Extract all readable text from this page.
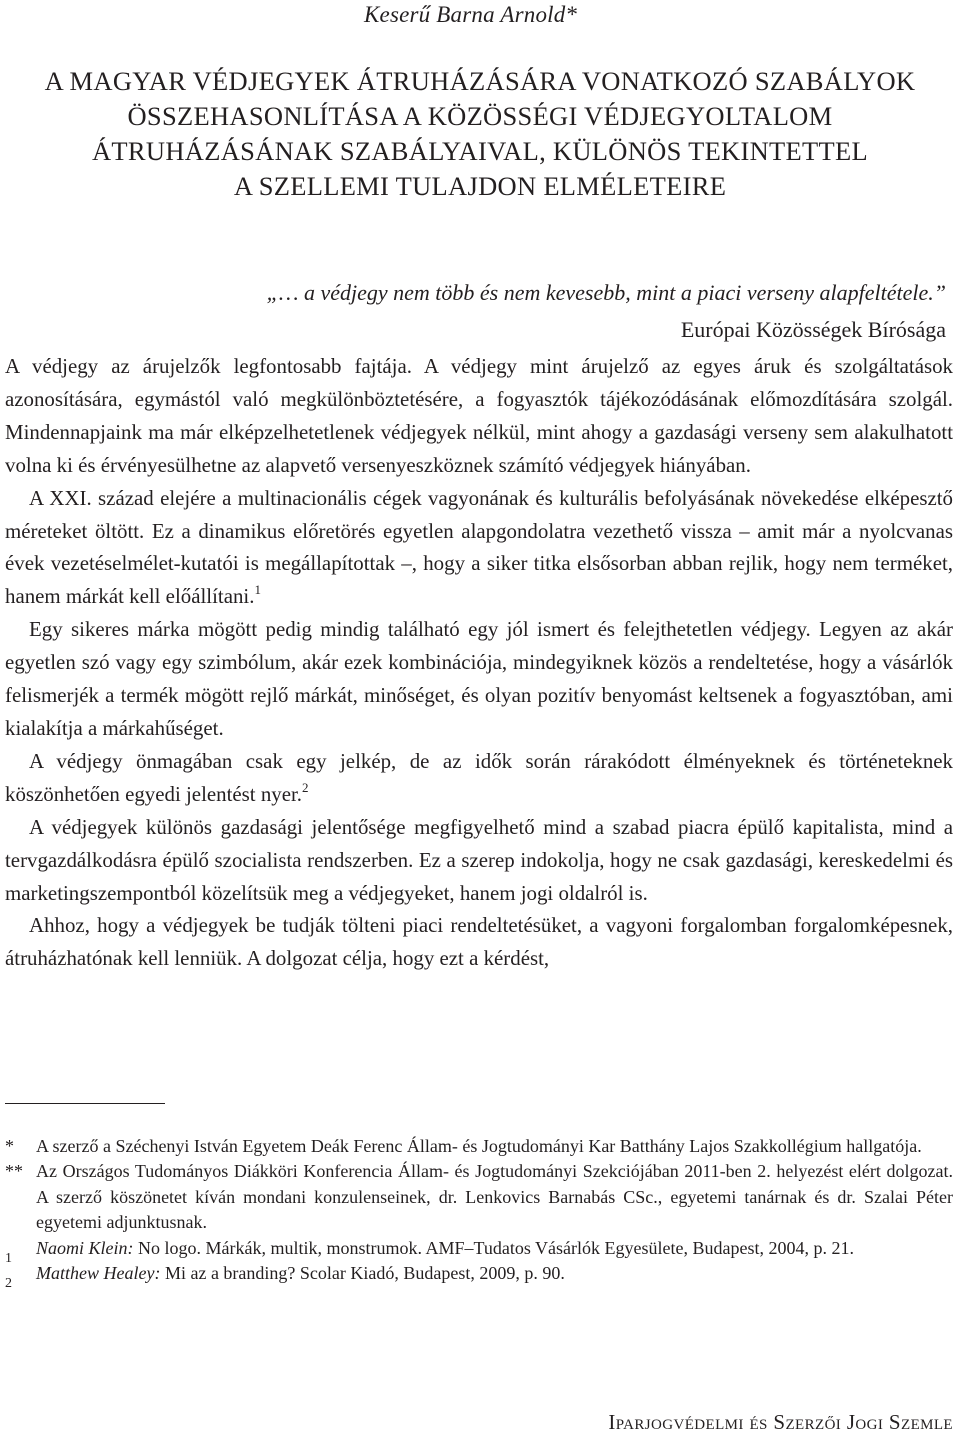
Keserű Barna Arnold*
A MAGYAR VÉDJEGYEK ÁTRUHÁZÁSÁRA VONATKOZÓ SZABÁLYOK
ÖSSZEHASONLÍTÁSA A KÖZÖSSÉGI VÉDJEGYOLTALOM
ÁTRUHÁZÁSÁNAK SZABÁLYAIVAL, KÜLÖNÖS TEKINTETTEL
A SZELLEMI TULAJDON ELMÉLETEIRE
„… a védjegy nem több és nem kevesebb, mint a piaci verseny alapfeltétele.”
Európai Közösségek Bírósága

A védjegy az árujelzők legfontosabb fajtája. A védjegy mint árujelző az egyes áruk és szolgáltatások azonosítására, egymástól való megkülönböztetésére, a fogyasztók tájékozódásának előmozdítására szolgál. Mindennapjaink ma már elképzelhetetlenek védjegyek nélkül, mint ahogy a gazdasági verseny sem alakulhatott volna ki és érvényesülhetne az alapvető versenyeszköznek számító védjegyek hiányában.

A XXI. század elejére a multinacionális cégek vagyonának és kulturális befolyásának növekedése elképesztő méreteket öltött. Ez a dinamikus előretörés egyetlen alapgondolatra vezethető vissza – amit már a nyolcvanas évek vezetéselmélet-kutatói is megállapítottak –, hogy a siker titka elsősorban abban rejlik, hogy nem terméket, hanem márkát kell előállítani.$^1$

Egy sikeres márka mögött pedig mindig található egy jól ismert és felejthetetlen védjegy. Legyen az akár egyetlen szó vagy egy szimbólum, akár ezek kombinációja, mindegyiknek közös a rendeltetése, hogy a vásárlók felismerjék a termék mögött rejlő márkát, minőséget, és olyan pozitív benyomást keltsenek a fogyasztóban, ami kialakítja a márkahűséget.

A védjegy önmagában csak egy jelkép, de az idők során rárakódott élményeknek és történeteknek köszönhetően egyedi jelentést nyer.$^2$

A védjegyek különös gazdasági jelentősége megfigyelhető mind a szabad piacra épülő kapitalista, mind a tervgazdálkodásra épülő szocialista rendszerben. Ez a szerep indokolja, hogy ne csak gazdasági, kereskedelmi és marketingszempontból közelítsük meg a védjegyeket, hanem jogi oldalról is.

Ahhoz, hogy a védjegyek be tudják tölteni piaci rendeltetésüket, a vagyoni forgalomban forgalomképesnek, átruházhatónak kell lenniük. A dolgozat célja, hogy ezt a kérdést,

* A szerző a Széchenyi István Egyetem Deák Ferenc Állam- és Jogtudományi Kar Batthány Lajos Szakkollégium hallgatója.
** Az Országos Tudományos Diákköri Konferencia Állam- és Jogtudományi Szekciójában 2011-ben 2. helyezést elért dolgozat. A szerző köszönetet kíván mondani konzulenseinek, dr. Lenkovics Barnabás CSc., egyetemi tanárnak és dr. Szalai Péter egyetemi adjunktusnak.
1
Naomi Klein: No logo. Márkák, multik, monstrumok. AMF–Tudatos Vásárlók Egyesülete, Budapest, 2004, p. 21.
2
Matthew Healey: Mi az a branding? Scolar Kiadó, Budapest, 2009, p. 90.
Iparjogvédelmi és Szerzői Jogi Szemle
